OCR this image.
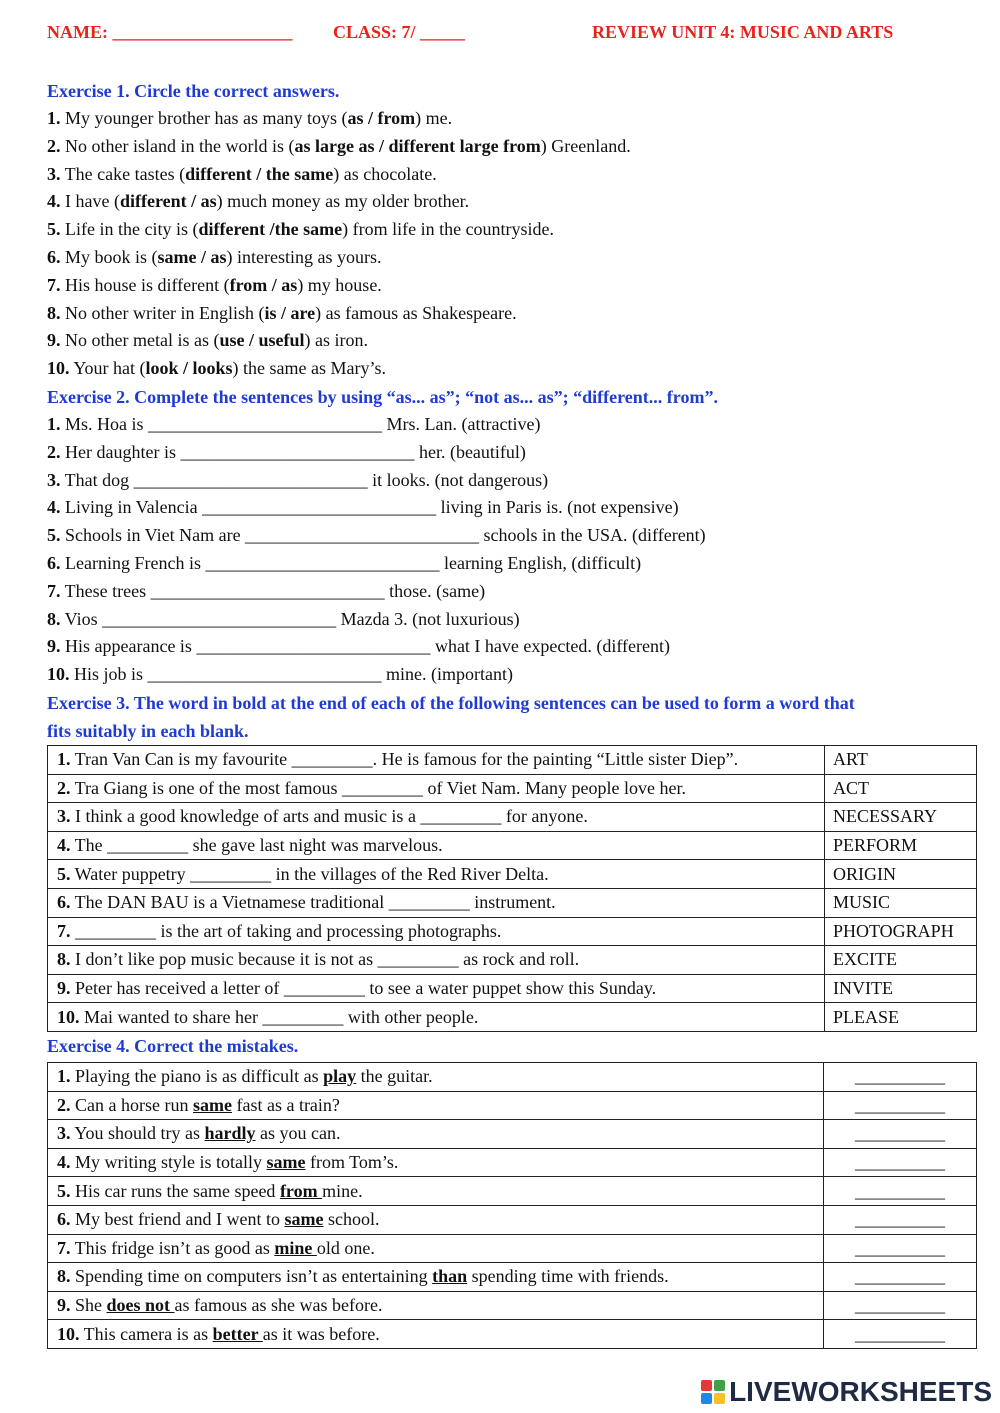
NAME: ____________________ CLASS: 7/ _____	REVIEW UNIT 4: MUSIC AND ARTS
Exercise 1. Circle the correct answers.
1. My younger brother has as many toys (as / from) me.
2. No other island in the world is (as large as / different large from) Greenland.
3. The cake tastes (different / the same) as chocolate.
4. I have (different / as) much money as my older brother.
5. Life in the city is (different /the same) from life in the countryside.
6. My book is (same / as) interesting as yours.
7. His house is different (from / as) my house.
8. No other writer in English (is / are) as famous as Shakespeare.
9. No other metal is as (use / useful) as iron.
10. Your hat (look / looks) the same as Mary’s.
Exercise 2. Complete the sentences by using “as... as”; “not as... as”; “different... from”.
1. Ms. Hoa is __________________________ Mrs. Lan. (attractive)
2. Her daughter is __________________________ her. (beautiful)
3. That dog __________________________ it looks. (not dangerous)
4. Living in Valencia __________________________ living in Paris is. (not expensive)
5. Schools in Viet Nam are __________________________ schools in the USA. (different)
6. Learning French is __________________________ learning English, (difficult)
7. These trees __________________________ those. (same)
8. Vios __________________________ Mazda 3. (not luxurious)
9. His appearance is __________________________ what I have expected. (different)
10. His job is __________________________ mine. (important)
Exercise 3. The word in bold at the end of each of the following sentences can be used to form a word that
fits suitably in each blank.
1. Tran Van Can is my favourite _________. He is famous for the painting “Little sister Diep”.	ART
2. Tra Giang is one of the most famous _________ of Viet Nam. Many people love her.	ACT
3. I think a good knowledge of arts and music is a _________ for anyone.	NECESSARY
4. The _________ she gave last night was marvelous.	PERFORM
5. Water puppetry _________ in the villages of the Red River Delta.	ORIGIN
6. The DAN BAU is a Vietnamese traditional _________ instrument.	MUSIC
7. _________ is the art of taking and processing photographs.	PHOTOGRAPH
8. I don’t like pop music because it is not as _________ as rock and roll.	EXCITE
9. Peter has received a letter of _________ to see a water puppet show this Sunday.	INVITE
10. Mai wanted to share her _________ with other people.	PLEASE
Exercise 4. Correct the mistakes.
1. Playing the piano is as difficult as play the guitar.	__________
2. Can a horse run same fast as a train?	__________
3. You should try as hardly as you can.	__________
4. My writing style is totally same from Tom’s.	__________
5. His car runs the same speed from mine.	__________
6. My best friend and I went to same school.	__________
7. This fridge isn’t as good as mine old one.	__________
8. Spending time on computers isn’t as entertaining than spending time with friends.	__________
9. She does not as famous as she was before.	__________
10. This camera is as better as it was before.	__________
LIVEWORKSHEETS
